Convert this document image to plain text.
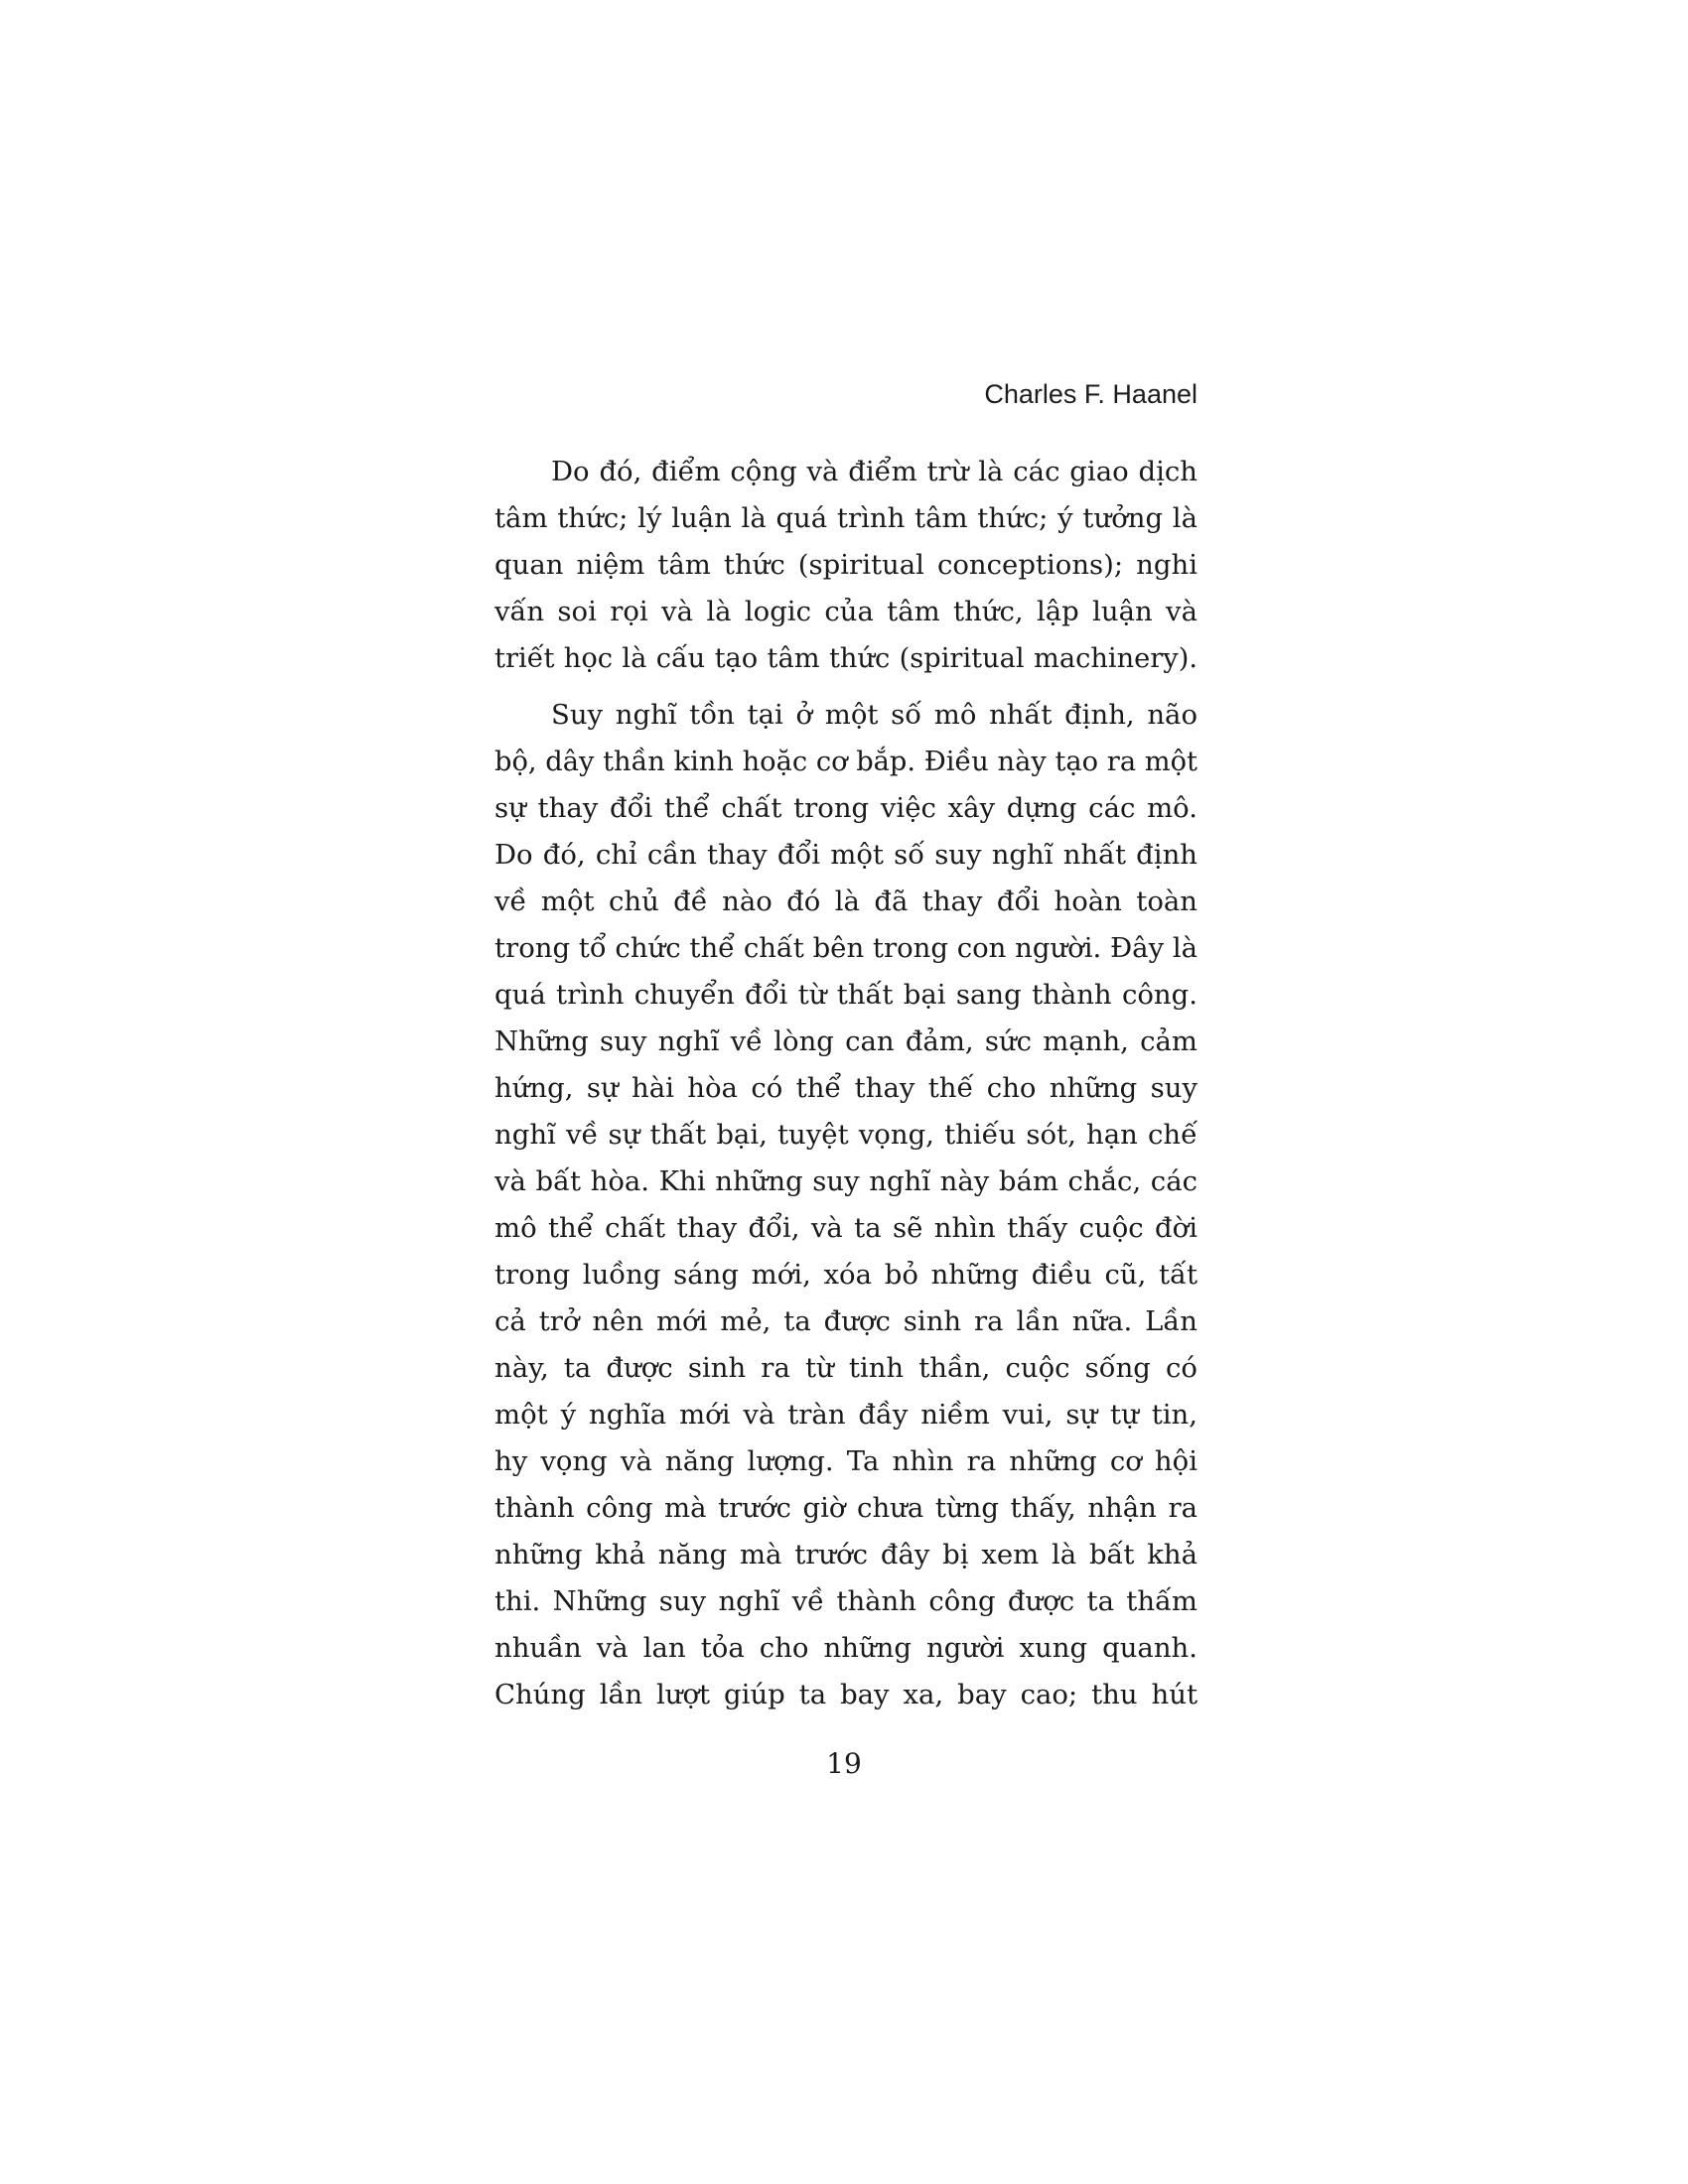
Charles F. Haanel

Do đó, điểm cộng và điểm trừ là các giao dịch
tâm thức; lý luận là quá trình tâm thức; ý tưởng là
quan niệm tâm thức (spiritual conceptions); nghi
vấn soi rọi và là logic của tâm thức, lập luận và
triết học là cấu tạo tâm thức (spiritual machinery).

Suy nghĩ tồn tại ở một số mô nhất định, não
bộ, dây thần kinh hoặc cơ bắp. Điều này tạo ra một
sự thay đổi thể chất trong việc xây dựng các mô.
Do đó, chỉ cần thay đổi một số suy nghĩ nhất định
về một chủ đề nào đó là đã thay đổi hoàn toàn
trong tổ chức thể chất bên trong con người. Đây là
quá trình chuyển đổi từ thất bại sang thành công.
Những suy nghĩ về lòng can đảm, sức mạnh, cảm
hứng, sự hài hòa có thể thay thế cho những suy
nghĩ về sự thất bại, tuyệt vọng, thiếu sót, hạn chế
và bất hòa. Khi những suy nghĩ này bám chắc, các
mô thể chất thay đổi, và ta sẽ nhìn thấy cuộc đời
trong luồng sáng mới, xóa bỏ những điều cũ, tất
cả trở nên mới mẻ, ta được sinh ra lần nữa. Lần
này, ta được sinh ra từ tinh thần, cuộc sống có
một ý nghĩa mới và tràn đầy niềm vui, sự tự tin,
hy vọng và năng lượng. Ta nhìn ra những cơ hội
thành công mà trước giờ chưa từng thấy, nhận ra
những khả năng mà trước đây bị xem là bất khả
thi. Những suy nghĩ về thành công được ta thấm
nhuần và lan tỏa cho những người xung quanh.
Chúng lần lượt giúp ta bay xa, bay cao; thu hút

19
